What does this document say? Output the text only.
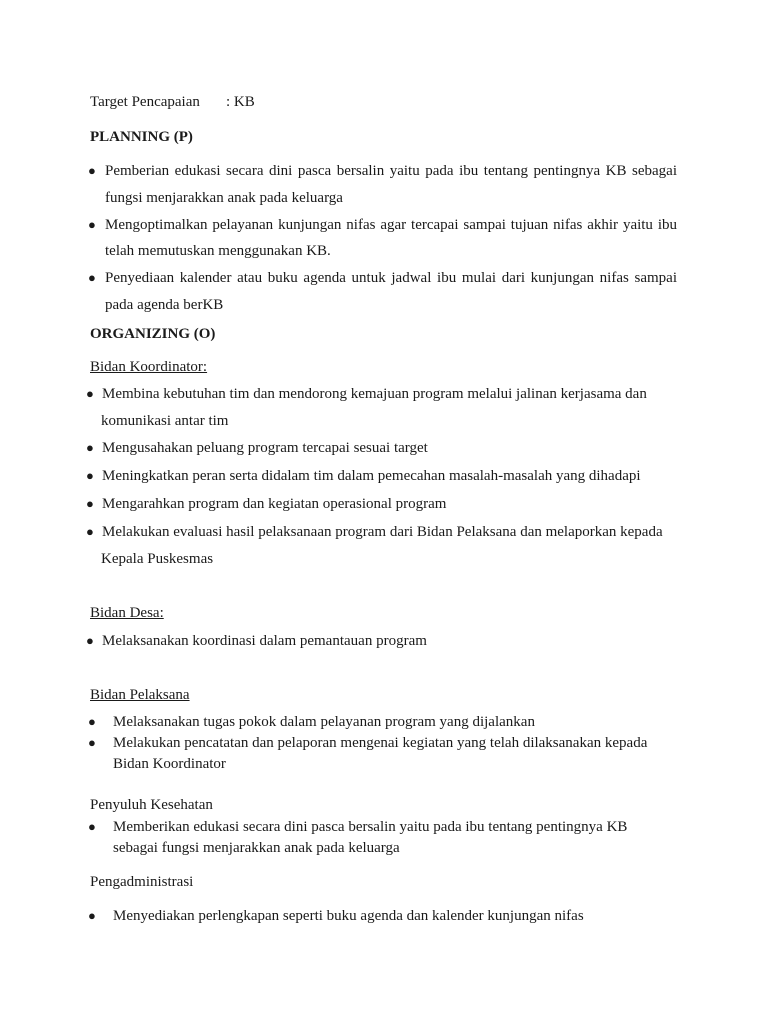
Target Pencapaian : KB
PLANNING (P)
● Pemberian edukasi secara dini pasca bersalin yaitu pada ibu tentang pentingnya KB sebagai
fungsi menjarakkan anak pada keluarga
● Mengoptimalkan pelayanan kunjungan nifas agar tercapai sampai tujuan nifas akhir yaitu ibu
telah memutuskan menggunakan KB.
● Penyediaan kalender atau buku agenda untuk jadwal ibu mulai dari kunjungan nifas sampai
pada agenda berKB
ORGANIZING (O)
Bidan Koordinator:
● Membina kebutuhan tim dan mendorong kemajuan program melalui jalinan kerjasama dan
komunikasi antar tim
● Mengusahakan peluang program tercapai sesuai target
● Meningkatkan peran serta didalam tim dalam pemecahan masalah-masalah yang dihadapi
● Mengarahkan program dan kegiatan operasional program
● Melakukan evaluasi hasil pelaksanaan program dari Bidan Pelaksana dan melaporkan kepada
Kepala Puskesmas
Bidan Desa:
● Melaksanakan koordinasi dalam pemantauan program
Bidan Pelaksana
● Melaksanakan tugas pokok dalam pelayanan program yang dijalankan
● Melakukan pencatatan dan pelaporan mengenai kegiatan yang telah dilaksanakan kepada
Bidan Koordinator
Penyuluh Kesehatan
● Memberikan edukasi secara dini pasca bersalin yaitu pada ibu tentang pentingnya KB
sebagai fungsi menjarakkan anak pada keluarga
Pengadministrasi
● Menyediakan perlengkapan seperti buku agenda dan kalender kunjungan nifas
